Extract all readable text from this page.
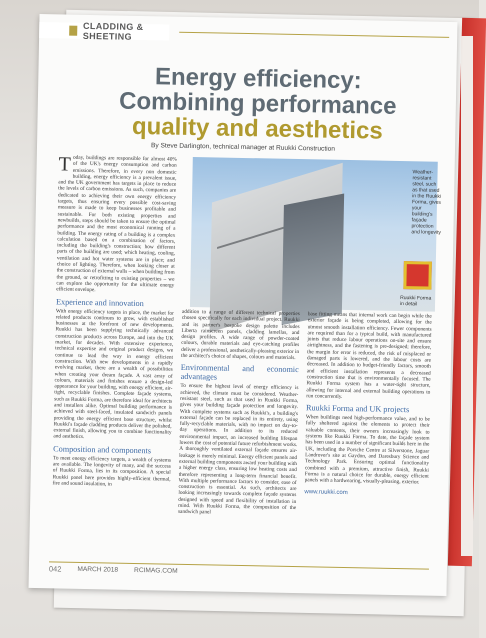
CLADDING & SHEETING
Energy efficiency:
Combining performance
quality and aesthetics
By Steve Darlington, technical manager at Ruukki Construction
T oday, buildings are responsible for almost 40% of the UK's energy consumption and carbon emissions. Therefore, in every non domestic building, energy efficiency is a prevalent issue, and the UK government has targets in place to reduce the levels of carbon emissions. As such, companies are dedicated to achieving their own energy efficiency targets, thus ensuring every possible cost-saving measure is made to keep businesses profitable and sustainable. For both existing properties and newbuilds, steps should be taken to ensure the optimal performance and the most economical running of a building. The energy rating of a building is a complex calculation based on a combination of factors, including the building's construction; how different parts of the building are used; which heating, cooling, ventilation and hot water systems are in place; and choice of lighting. Therefore, when looking closer at the construction of external walls – when building from the ground, or retrofitting to existing properties – we can explore the opportunity for the ultimate energy efficient envelope.
Experience and innovation
With energy efficiency targets in place, the market for related products continues to grow, with established businesses at the forefront of new developments. Ruukki has been supplying technically advanced construction products across Europe, and into the UK market, for decades. With extensive experience, technical expertise and original product designs, we continue to lead the way in energy efficient construction. With new developments in a rapidly evolving market, there are a wealth of possibilities when creating your dream façade. A vast array of colours, materials and finishes ensure a design-led appearance for your building, with energy efficient, air-tight, recyclable finishes. Complete façade systems, such as Ruukki Forma, are therefore ideal for architects and installers alike. Optimal building performance is achieved with steel-faced, insulated sandwich panels providing the energy efficient base structure, whilst Ruukki's façade cladding products deliver the polished, external finish, allowing you to combine functionality and aesthetics.
Composition and components
To meet energy efficiency targets, a wealth of systems are available. The longevity of many, and the success of Ruukki Forma, lies in its composition. A special Ruukki panel here provides highly-efficient thermal, fire and sound insulation, in
Weather-resistant steel, such as that used in the Ruukki Forma, gives your building's façade protection and longevity
Ruukki Forma in detail
addition to a range of different technical properties chosen specifically for each individual project. Ruukki and its partner's bespoke design palette includes Liberta rainscreen panels, cladding lamellas, and design profiles. A wide range of powder-coated colours, durable materials and eye-catching profiles deliver a professional, aesthetically-pleasing exterior in the architect's choice of shapes, colours and materials.
Environmental and economic advantages
To ensure the highest level of energy efficiency is achieved, the climate must be considered. Weather-resistant steel, such as that used in Ruukki Forma, gives your building façade protection and longevity. With complete systems such as Ruukki's, a building's external façade can be replaced in its entirety, using fully-recyclable materials, with no impact on day-to-day operations. In addition to its reduced environmental impact, an increased building lifespan lowers the cost of potential future refurbishment works. A thoroughly ventilated external façade ensures air-leakage is merely minimal. Energy efficient panels and external building components award your building with a higher energy class, ensuring low heating costs and therefore representing a long-term financial benefit. With multiple performance factors to consider, ease of construction is essential. As such, architects are looking increasingly towards complete façade systems designed with speed and flexibility of installation in mind. With Ruukki Forma, the composition of the sandwich panel
base fitting means that internal work can begin while the exterior façade is being completed, allowing for the utmost smooth installation efficiency. Fewer components are required than for a typical build, with manufactured joints that reduce labour operations on-site and ensure airtightness, and the fastening is pre-designed; therefore, the margin for error is reduced, the risk of misplaced or damaged parts is lowered, and the labour costs are decreased. In addition to budget-friendly factors, smooth and efficient installation represents a decreased construction time that is environmentally focused. The Ruukki Forma system has a water-tight structure, allowing for internal and external building operations to run concurrently.
Ruukki Forma and UK projects
When buildings need high-performance value, and to be fully sheltered against the elements to protect their valuable contents, their owners increasingly look to systems like Ruukki Forma. To date, the façade system has been used in a number of significant builds here in the UK, including the Porsche Centre at Silverstone, Jaguar Landrover's site at Gaydon, and Daresbury Science and Technology Park. Ensuring optimal functionality combined with a premium, attractive finish, Ruukki Forma is a natural choice for durable, energy efficient panels with a hardwearing, visually-pleasing, exterior.
www.ruukki.com
042 MARCH 2018 RCIMAG.COM
